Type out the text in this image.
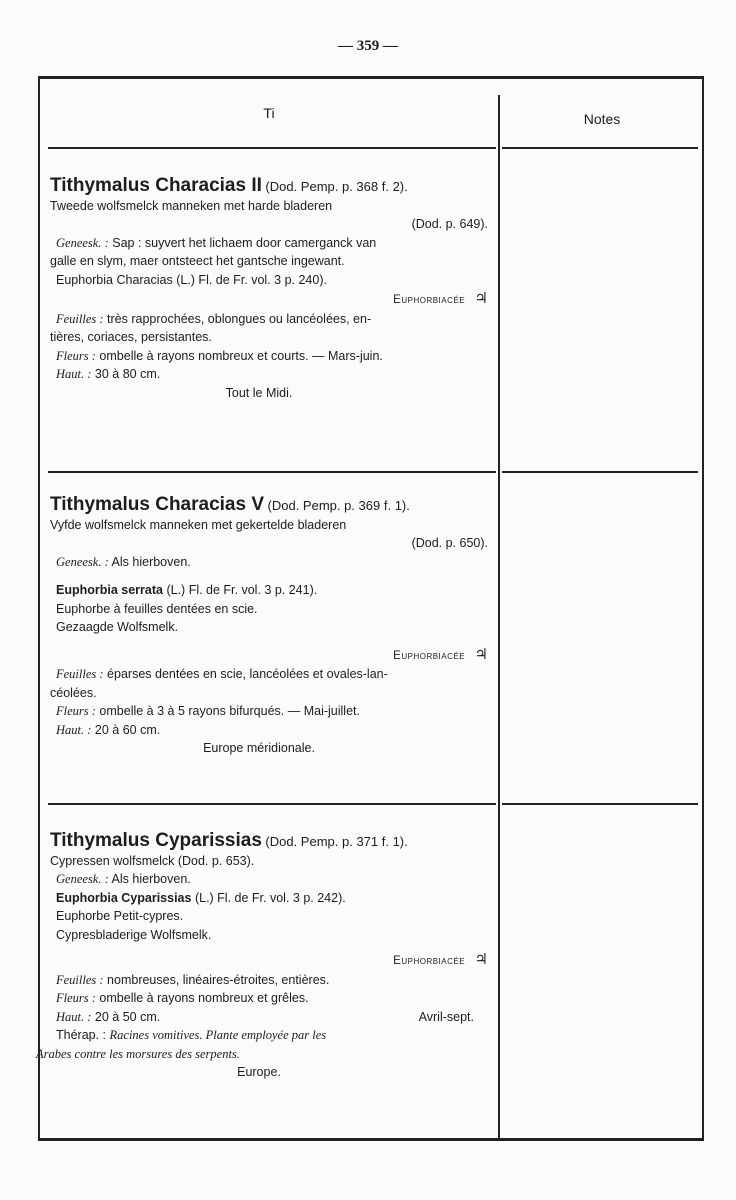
— 359 —
Ti	Notes
Tithymalus Characias II (Dod. Pemp. p. 368 f. 2).
Tweede wolfsmelck manneken met harde bladeren
(Dod. p. 649).
Geneesk. : Sap : suyvert het lichaem door camerganck van
galle en slym, maer ontsteect het gantsche ingewant.
Euphorbia Characias (L.) Fl. de Fr. vol. 3 p. 240).
Euphorbiacée ♃
Feuilles : très rapprochées, oblongues ou lancéolées, en-
tières, coriaces, persistantes.
Fleurs : ombelle à rayons nombreux et courts. — Mars-juin.
Haut. : 30 à 80 cm.
Tout le Midi.
Tithymalus Characias V (Dod. Pemp. p. 369 f. 1).
Vyfde wolfsmelck manneken met gekertelde bladeren
(Dod. p. 650).
Geneesk. : Als hierboven.
Euphorbia serrata (L.) Fl. de Fr. vol. 3 p. 241).
Euphorbe à feuilles dentées en scie.
Gezaagde Wolfsmelk.
Euphorbiacée ♃
Feuilles : éparses dentées en scie, lancéolées et ovales-lan-
céolées.
Fleurs : ombelle à 3 à 5 rayons bifurqués. — Mai-juillet.
Haut. : 20 à 60 cm.
Europe méridionale.
Tithymalus Cyparissias (Dod. Pemp. p. 371 f. 1).
Cypressen wolfsmelck (Dod. p. 653).
Geneesk. : Als hierboven.
Euphorbia Cyparissias (L.) Fl. de Fr. vol. 3 p. 242).
Euphorbe Petit-cypres.
Cypresbladerige Wolfsmelk.
Euphorbiacée ♃
Feuilles : nombreuses, linéaires-étroites, entières.
Fleurs : ombelle à rayons nombreux et grêles.
Haut. : 20 à 50 cm.	Avril-sept.
Thérap. : Racines vomitives. Plante employée par les
Arabes contre les morsures des serpents.
Europe.
